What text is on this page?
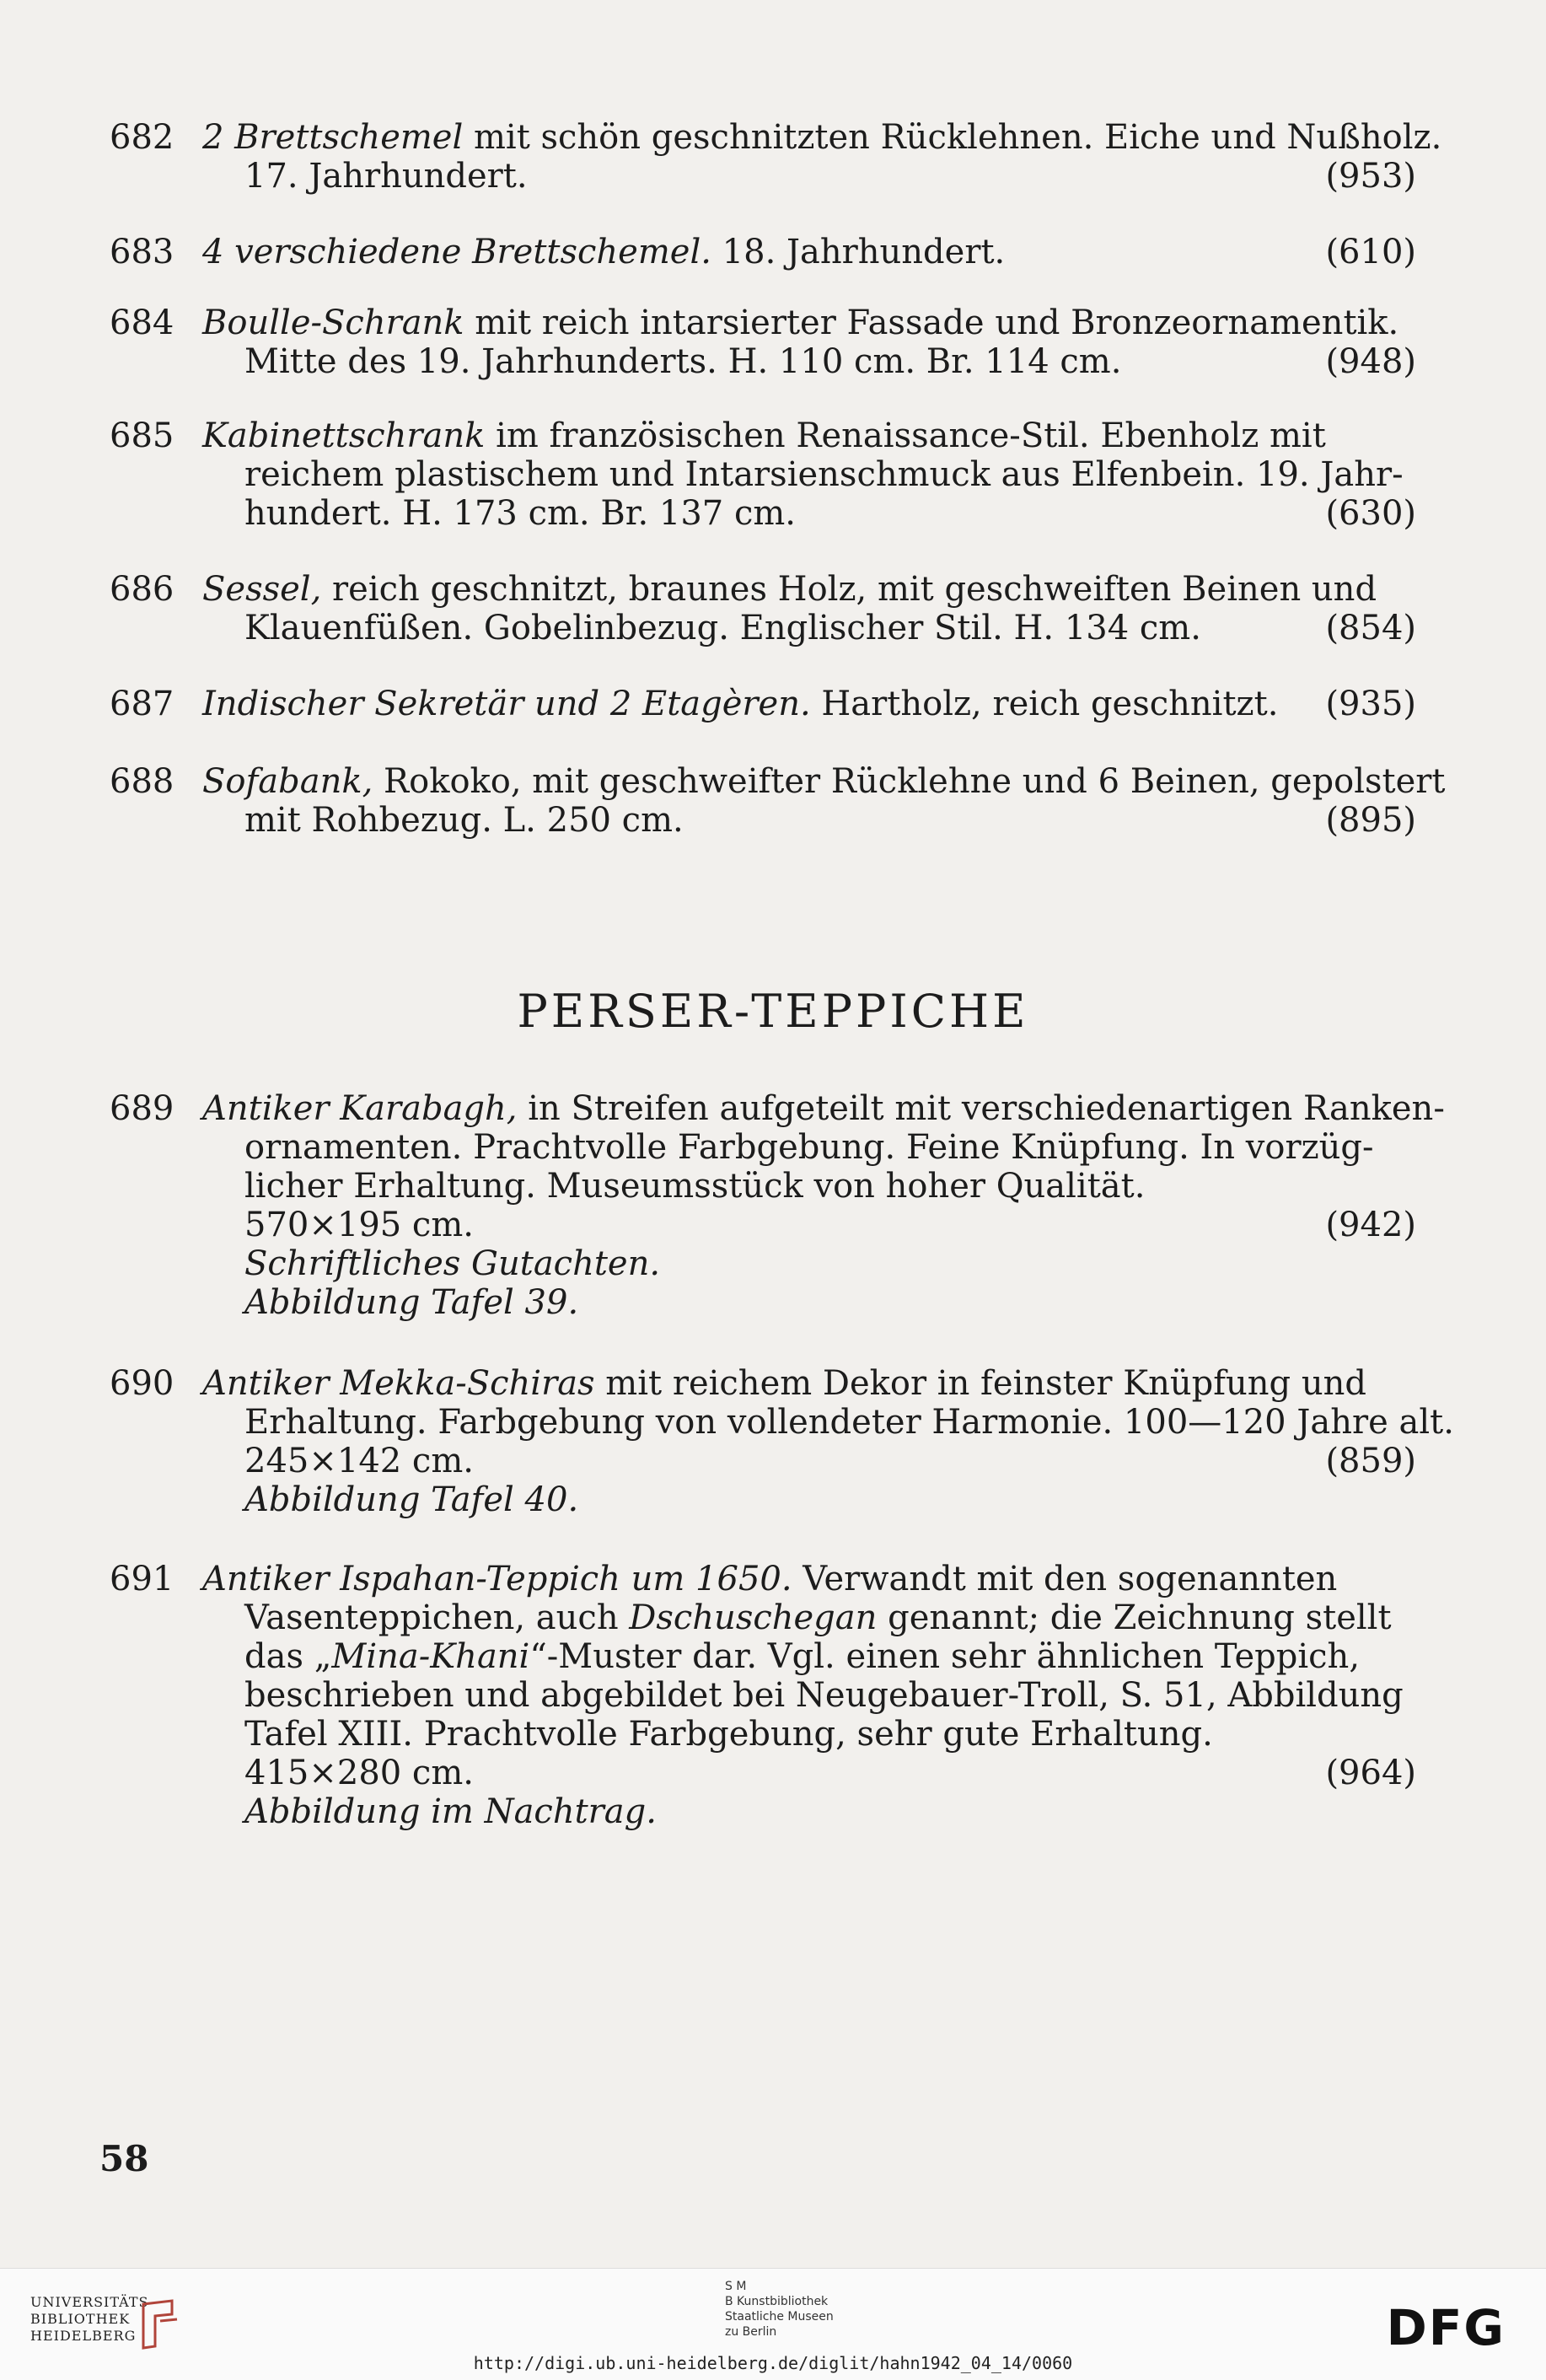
682 2 Brettschemel mit schön geschnitzten Rücklehnen. Eiche und Nußholz.
17. Jahrhundert.	(953)
683 4 verschiedene Brettschemel. 18. Jahrhundert.	(610)
684 Boulle-Schrank mit reich intarsierter Fassade und Bronzeornamentik.
Mitte des 19. Jahrhunderts. H. 110 cm. Br. 114 cm.	(948)
685 Kabinettschrank im französischen Renaissance-Stil. Ebenholz mit
reichem plastischem und Intarsienschmuck aus Elfenbein. 19. Jahr-
hundert. H. 173 cm. Br. 137 cm.	(630)
686 Sessel, reich geschnitzt, braunes Holz, mit geschweiften Beinen und
Klauenfüßen. Gobelinbezug. Englischer Stil. H. 134 cm.	(854)
687 Indischer Sekretär und 2 Etagèren. Hartholz, reich geschnitzt. (935)
688 Sofabank, Rokoko, mit geschweifter Rücklehne und 6 Beinen, gepolstert
mit Rohbezug. L. 250 cm.	(895)
PERSER-TEPPICHE
689 Antiker Karabagh, in Streifen aufgeteilt mit verschiedenartigen Ranken-
ornamenten. Prachtvolle Farbgebung. Feine Knüpfung. In vorzüg-
licher Erhaltung. Museumsstück von hoher Qualität.
570×195 cm.	(942)
Schriftliches Gutachten.
Abbildung Tafel 39.
690 Antiker Mekka-Schiras mit reichem Dekor in feinster Knüpfung und
Erhaltung. Farbgebung von vollendeter Harmonie. 100—120 Jahre alt.
245×142 cm.	(859)
Abbildung Tafel 40.
691 Antiker Ispahan-Teppich um 1650. Verwandt mit den sogenannten
Vasenteppichen, auch Dschuschegan genannt; die Zeichnung stellt
das „Mina-Khani“-Muster dar. Vgl. einen sehr ähnlichen Teppich,
beschrieben und abgebildet bei Neugebauer-Troll, S. 51, Abbildung
Tafel XIII. Prachtvolle Farbgebung, sehr gute Erhaltung.
415×280 cm.	(964)
Abbildung im Nachtrag.
58
UNIVERSITÄTS-
BIBLIOTHEK
HEIDELBERG
S M
B Kunstbibliothek
Staatliche Museen
zu Berlin	DFG
http://digi.ub.uni-heidelberg.de/diglit/hahn1942_04_14/0060
